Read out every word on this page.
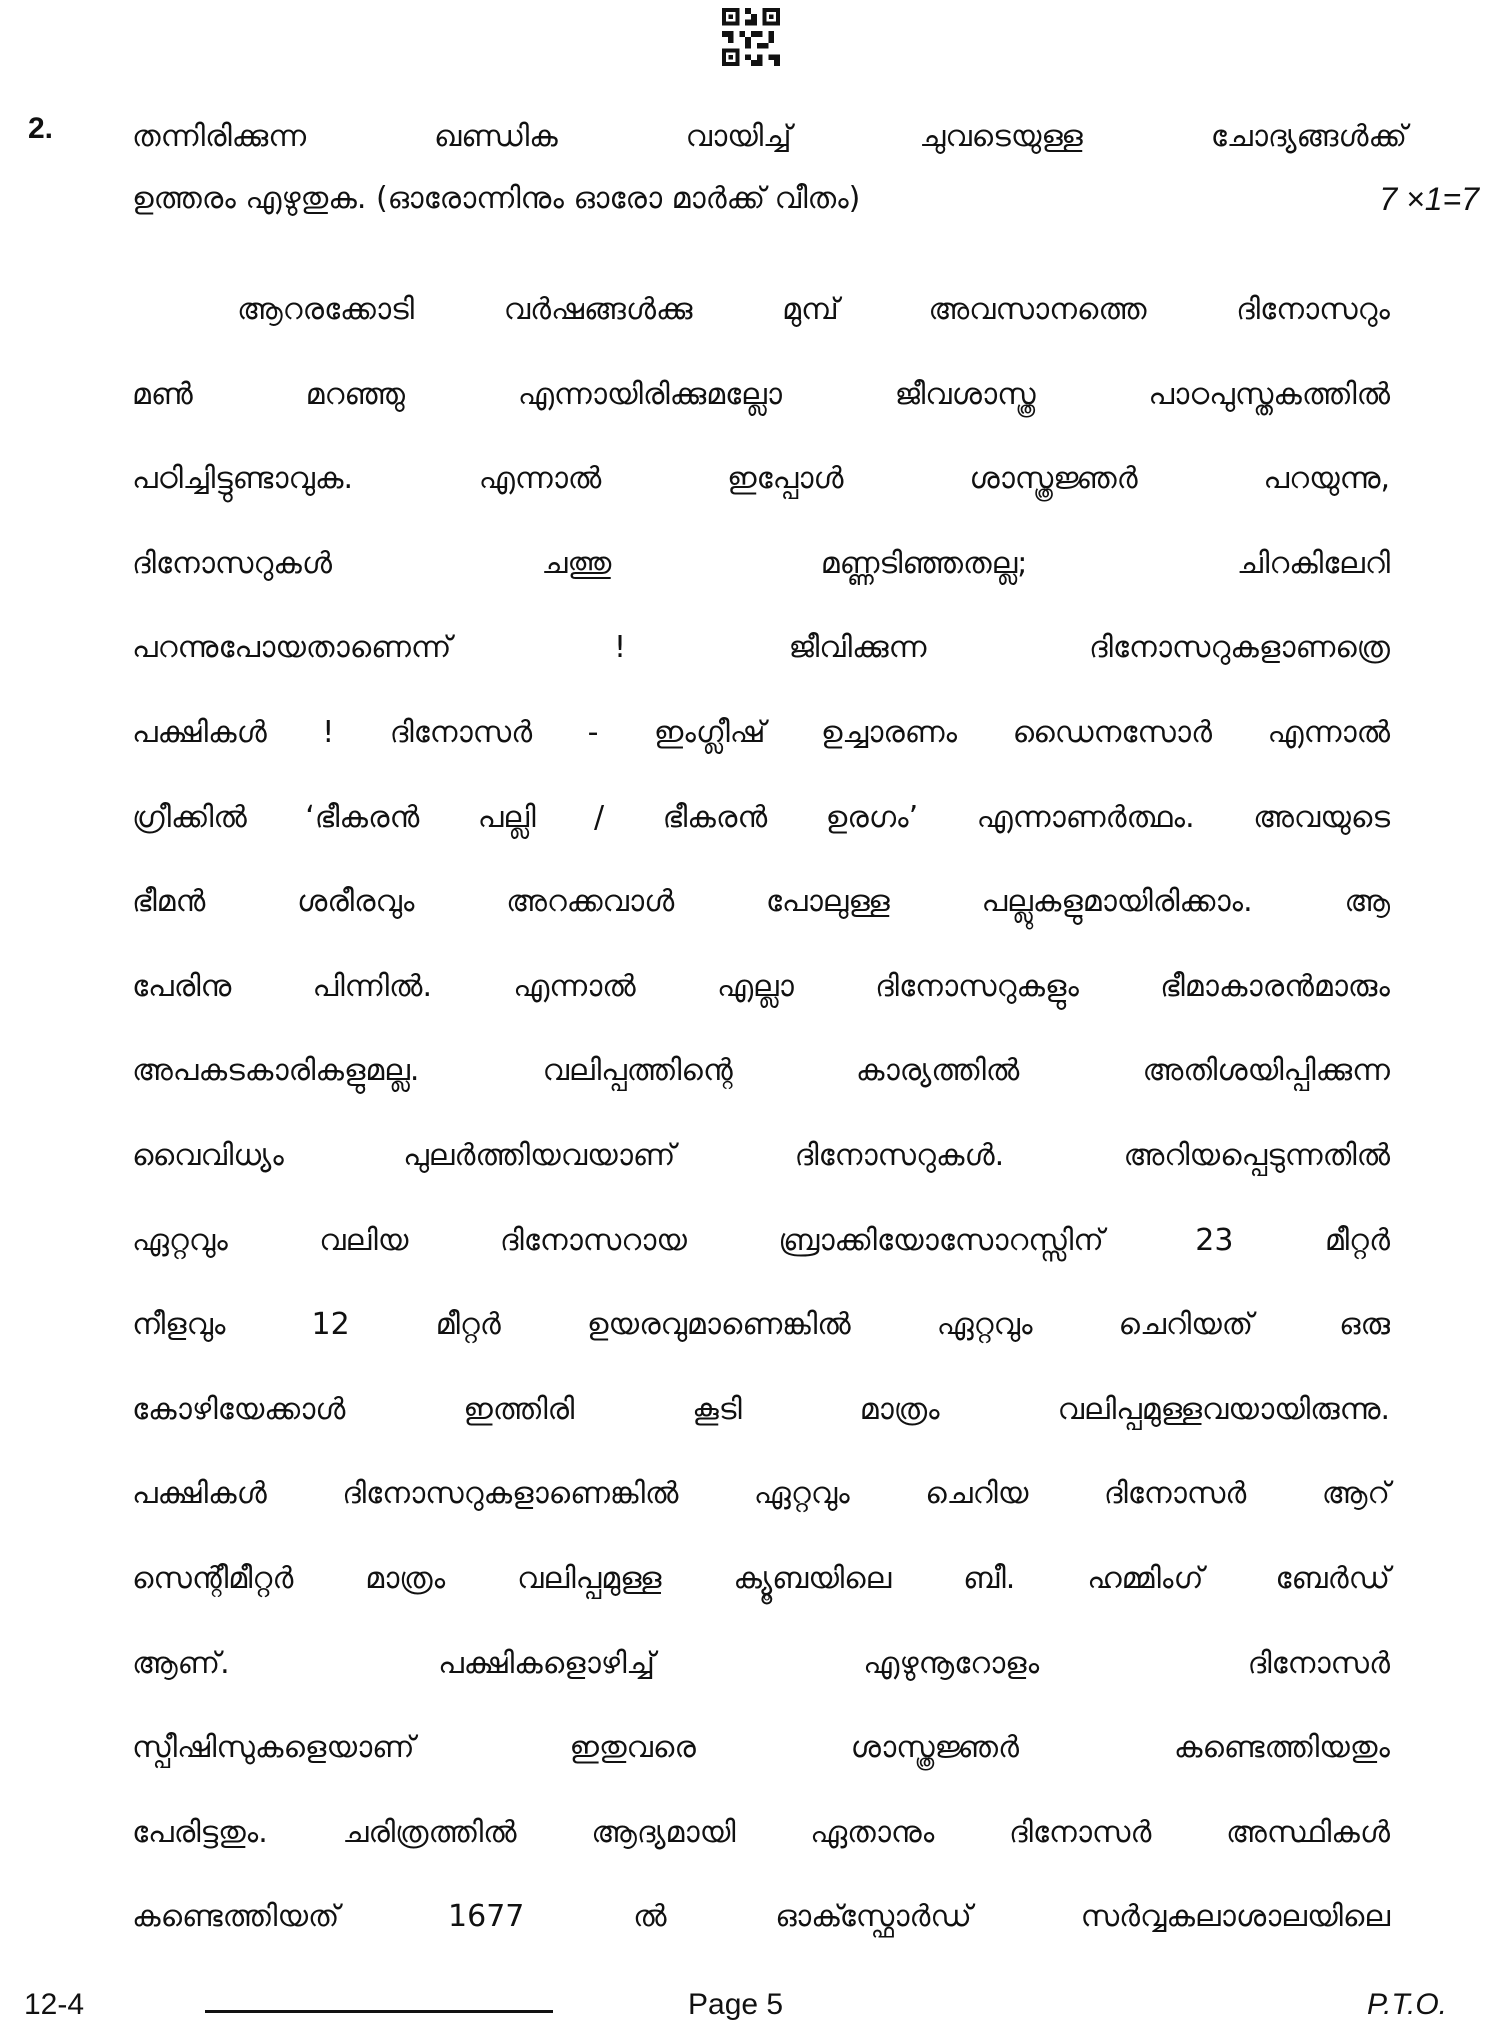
2.	തന്നിരിക്കുന്ന ഖണ്ഡിക വായിച്ച് ചുവടെയുള്ള ചോദ്യങ്ങൾക്ക്
ഉത്തരം എഴുതുക. (ഓരോന്നിനും ഓരോ മാർക്ക് വീതം)	7 ×1=7
ആറരക്കോടി വർഷങ്ങൾക്കു മുമ്പ് അവസാനത്തെ ദിനോസറും
മൺ മറഞ്ഞു എന്നായിരിക്കുമല്ലോ ജീവശാസ്ത്ര പാഠപുസ്തകത്തിൽ
പഠിച്ചിട്ടുണ്ടാവുക. എന്നാൽ ഇപ്പോൾ ശാസ്ത്രജ്ഞർ പറയുന്നു,
ദിനോസറുകൾ ചത്തു മണ്ണടിഞ്ഞതല്ല; ചിറകിലേറി
പറന്നുപോയതാണെന്ന് ! ജീവിക്കുന്ന ദിനോസറുകളാണത്രെ
പക്ഷികൾ ! ദിനോസർ - ഇംഗ്ലീഷ് ഉച്ചാരണം ഡൈനസോർ എന്നാൽ
ഗ്രീക്കിൽ ‘ഭീകരൻ പല്ലി / ഭീകരൻ ഉരഗം’ എന്നാണർത്ഥം. അവയുടെ
ഭീമൻ ശരീരവും അറക്കവാൾ പോലുള്ള പല്ലുകളുമായിരിക്കാം. ആ
പേരിനു പിന്നിൽ. എന്നാൽ എല്ലാ ദിനോസറുകളും ഭീമാകാരൻമാരും
അപകടകാരികളുമല്ല. വലിപ്പത്തിന്റെ കാര്യത്തിൽ അതിശയിപ്പിക്കുന്ന
വൈവിധ്യം പുലർത്തിയവയാണ് ദിനോസറുകൾ. അറിയപ്പെടുന്നതിൽ
ഏറ്റവും വലിയ ദിനോസറായ ബ്രാക്കിയോസോറസ്സിന് 23 മീറ്റർ
നീളവും 12 മീറ്റർ ഉയരവുമാണെങ്കിൽ ഏറ്റവും ചെറിയത് ഒരു
കോഴിയേക്കാൾ ഇത്തിരി കൂടി മാത്രം വലിപ്പമുള്ളവയായിരുന്നു.
പക്ഷികൾ ദിനോസറുകളാണെങ്കിൽ ഏറ്റവും ചെറിയ ദിനോസർ ആറ്
സെന്റീമീറ്റർ മാത്രം വലിപ്പമുള്ള ക്യൂബയിലെ ബീ. ഹമ്മിംഗ് ബേർഡ്
ആണ്. പക്ഷികളൊഴിച്ച് എഴുനൂറോളം ദിനോസർ
സ്പീഷിസുകളെയാണ് ഇതുവരെ ശാസ്ത്രജ്ഞർ കണ്ടെത്തിയതും
പേരിട്ടതും. ചരിത്രത്തിൽ ആദ്യമായി ഏതാനും ദിനോസർ അസ്ഥികൾ
കണ്ടെത്തിയത് 1677 ൽ ഓക്സ്ഫോർഡ് സർവ്വകലാശാലയിലെ
12-4	Page 5	P.T.O.
